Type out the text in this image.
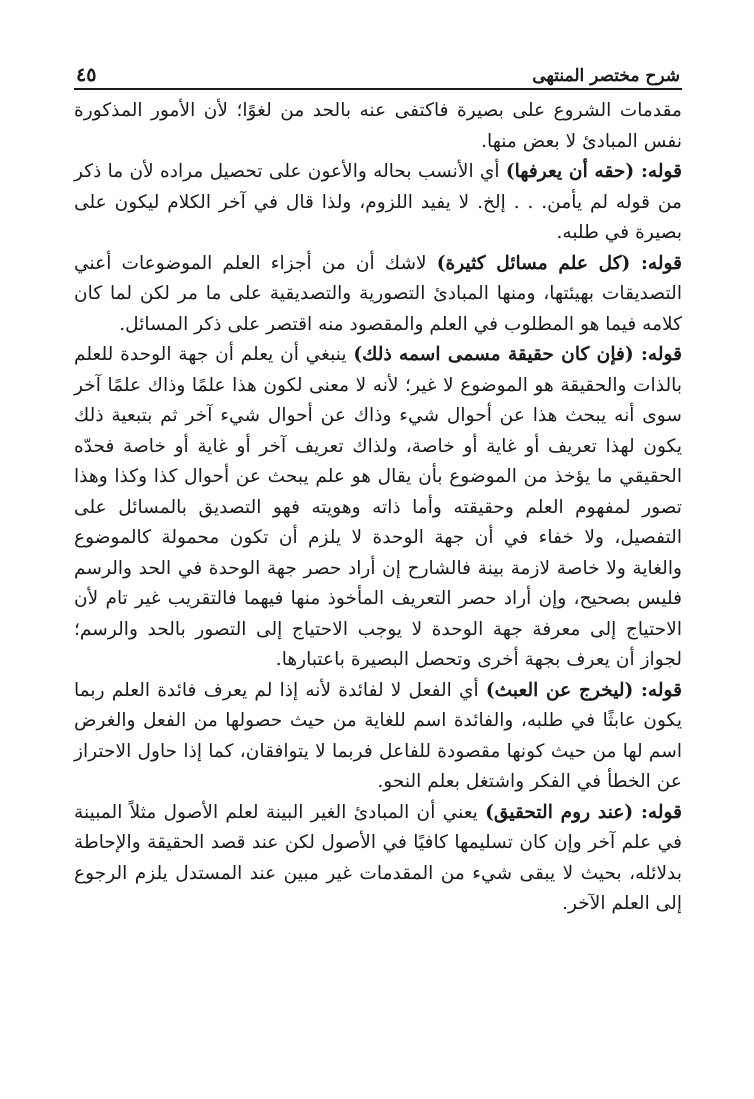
شرح مختصر المنتهى
٤٥

مقدمات الشروع على بصيرة فاكتفى عنه بالحد من لغوًا؛ لأن الأمور المذكورة نفس المبادئ لا بعض منها.

قوله: (حقه أن يعرفها) أي الأنسب بحاله والأعون على تحصيل مراده لأن ما ذكر من قوله لم يأمن. . . إلخ. لا يفيد اللزوم، ولذا قال في آخر الكلام ليكون على بصيرة في طلبه.

قوله: (كل علم مسائل كثيرة) لاشك أن من أجزاء العلم الموضوعات أعني التصديقات بهيئتها، ومنها المبادئ التصورية والتصديقية على ما مر لكن لما كان كلامه فيما هو المطلوب في العلم والمقصود منه اقتصر على ذكر المسائل.

قوله: (فإن كان حقيقة مسمى اسمه ذلك) ينبغي أن يعلم أن جهة الوحدة للعلم بالذات والحقيقة هو الموضوع لا غير؛ لأنه لا معنى لكون هذا علمًا وذاك علمًا آخر سوى أنه يبحث هذا عن أحوال شيء وذاك عن أحوال شيء آخر ثم بتبعية ذلك يكون لهذا تعريف أو غاية أو خاصة، ولذاك تعريف آخر أو غاية أو خاصة فحدّه الحقيقي ما يؤخذ من الموضوع بأن يقال هو علم يبحث عن أحوال كذا وكذا وهذا تصور لمفهوم العلم وحقيقته وأما ذاته وهويته فهو التصديق بالمسائل على التفصيل، ولا خفاء في أن جهة الوحدة لا يلزم أن تكون محمولة كالموضوع والغاية ولا خاصة لازمة بينة فالشارح إن أراد حصر جهة الوحدة في الحد والرسم فليس بصحيح، وإن أراد حصر التعريف المأخوذ منها فيهما فالتقريب غير تام لأن الاحتياج إلى معرفة جهة الوحدة لا يوجب الاحتياج إلى التصور بالحد والرسم؛ لجواز أن يعرف بجهة أخرى وتحصل البصيرة باعتبارها.

قوله: (ليخرج عن العبث) أي الفعل لا لفائدة لأنه إذا لم يعرف فائدة العلم ربما يكون عابثًا في طلبه، والفائدة اسم للغاية من حيث حصولها من الفعل والغرض اسم لها من حيث كونها مقصودة للفاعل فربما لا يتوافقان، كما إذا حاول الاحتراز عن الخطأ في الفكر واشتغل بعلم النحو.

قوله: (عند روم التحقيق) يعني أن المبادئ الغير البينة لعلم الأصول مثلاً المبينة في علم آخر وإن كان تسليمها كافيًا في الأصول لكن عند قصد الحقيقة والإحاطة بدلائله، بحيث لا يبقى شيء من المقدمات غير مبين عند المستدل يلزم الرجوع إلى العلم الآخر.
